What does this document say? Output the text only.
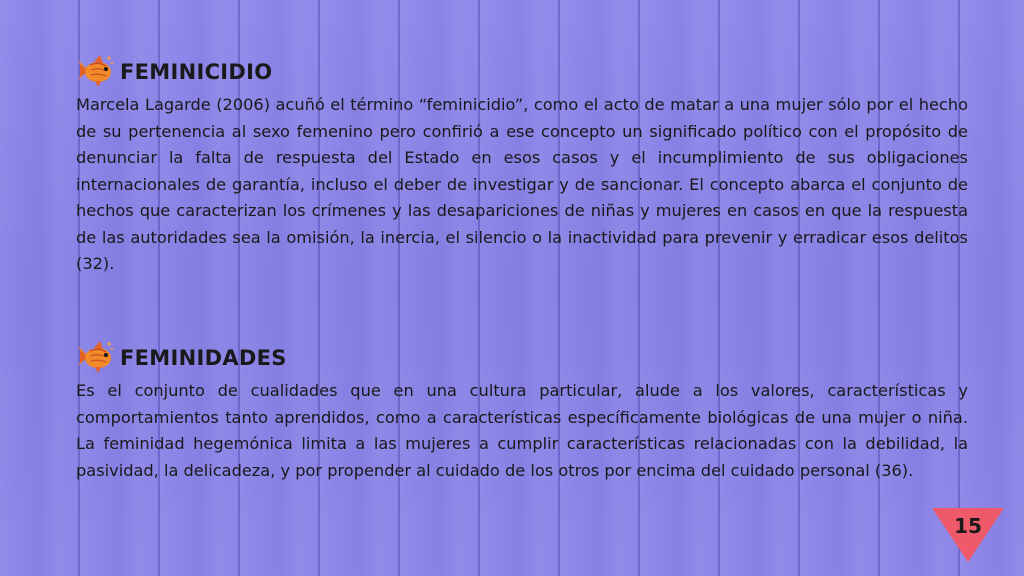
FEMINICIDIO

Marcela Lagarde (2006) acuñó el término “feminicidio”, como el acto de matar a una mujer sólo por el hecho de su pertenencia al sexo femenino pero confirió a ese concepto un significado político con el propósito de denunciar la falta de respuesta del Estado en esos casos y el incumplimiento de sus obligaciones internacionales de garantía, incluso el deber de investigar y de sancionar. El concepto abarca el conjunto de hechos que caracterizan los crímenes y las desapariciones de niñas y mujeres en casos en que la respuesta de las autoridades sea la omisión, la inercia, el silencio o la inactividad para prevenir y erradicar esos delitos (32).

FEMINIDADES

Es el conjunto de cualidades que en una cultura particular, alude a los valores, características y comportamientos tanto aprendidos, como a características específicamente biológicas de una mujer o niña. La feminidad hegemónica limita a las mujeres a cumplir características relacionadas con la debilidad, la pasividad, la delicadeza, y por propender al cuidado de los otros por encima del cuidado personal (36).

15
